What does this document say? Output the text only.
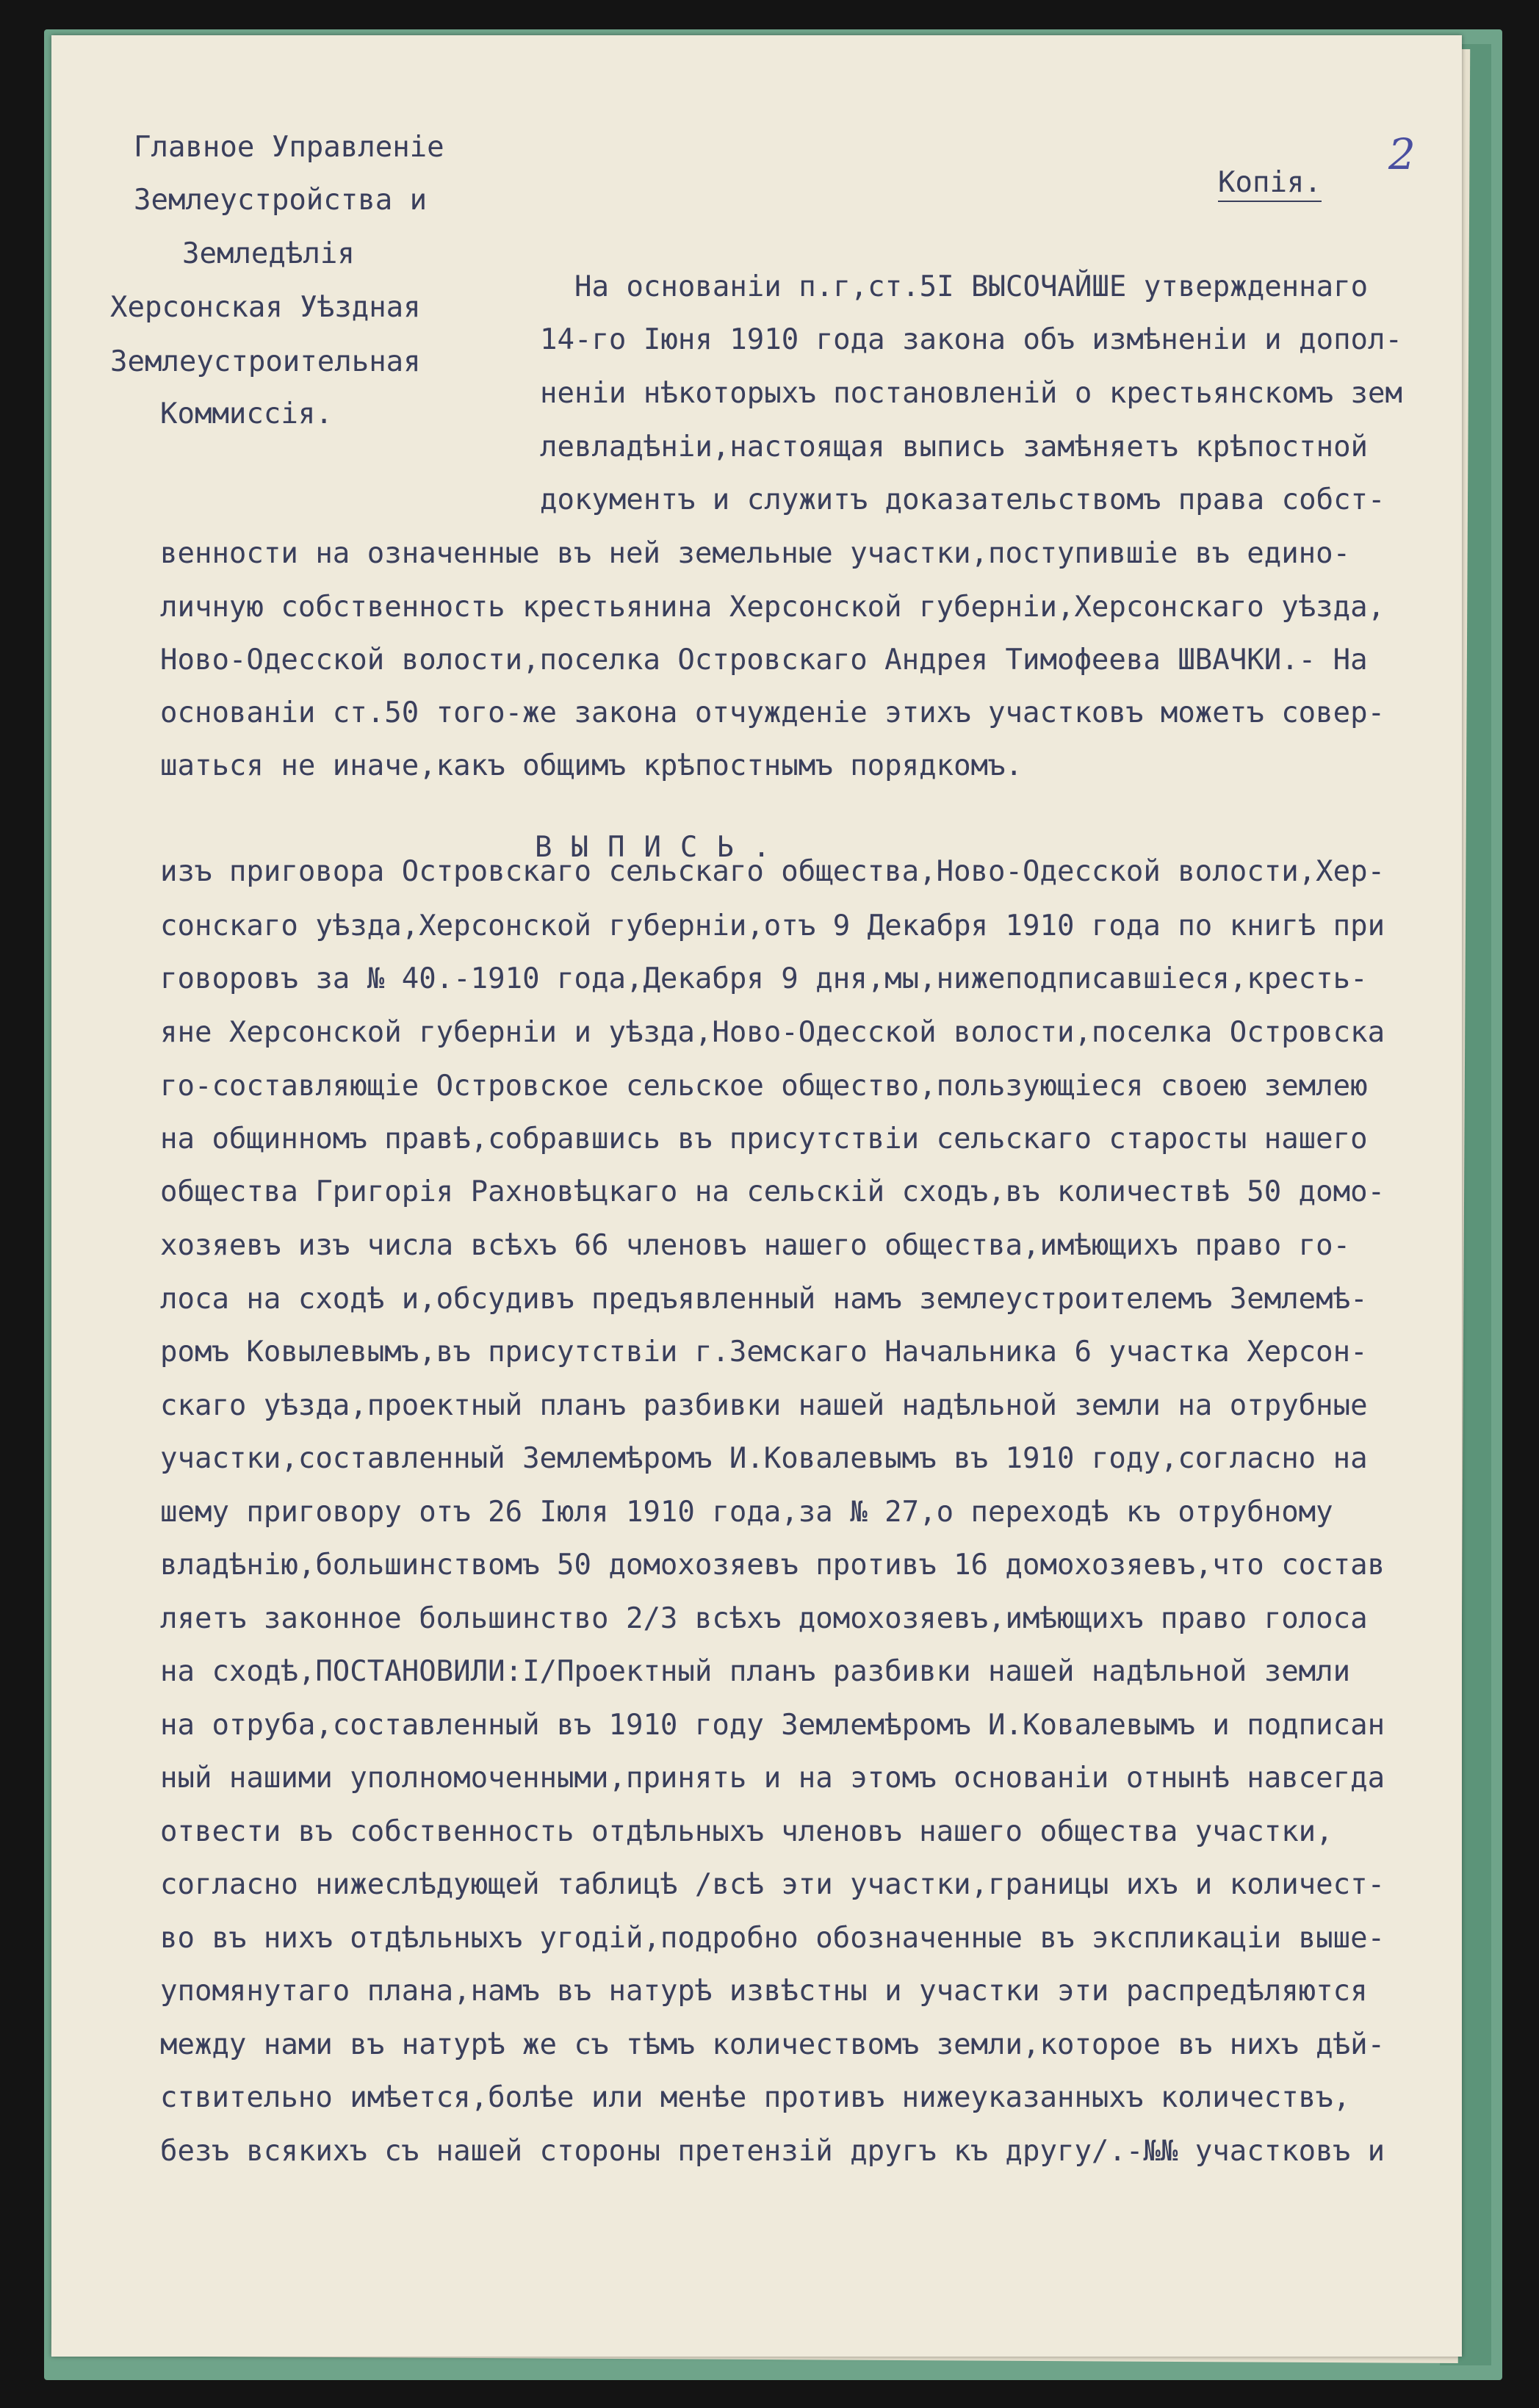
2
Копія.
Главное Управленіе
Землеустройства и
Земледѣлія
Херсонская Уѣздная
Землеустроительная
Коммиссія.
На основаніи п.г,ст.5І ВЫСОЧАЙШЕ утвержденнаго
14-го Іюня 1910 года закона объ измѣненіи и допол-
неніи нѣкоторыхъ постановленій о крестьянскомъ зем
левладѣніи,настоящая выпись замѣняетъ крѣпостной
документъ и служитъ доказательствомъ права собст-
венности на означенные въ ней земельные участки,поступившіе въ едино-
личную собственность крестьянина Херсонской губерніи,Херсонскаго уѣзда,
Ново-Одесской волости,поселка Островскаго Андрея Тимофеева ШВАЧКИ.- На
основаніи ст.50 того-же закона отчужденіе этихъ участковъ можетъ совер-
шаться не иначе,какъ общимъ крѣпостнымъ порядкомъ.
ВЫПИСЬ.
изъ приговора Островскаго сельскаго общества,Ново-Одесской волости,Хер-
сонскаго уѣзда,Херсонской губерніи,отъ 9 Декабря 1910 года по книгѣ при
говоровъ за № 40.-1910 года,Декабря 9 дня,мы,нижеподписавшіеся,кресть-
яне Херсонской губерніи и уѣзда,Ново-Одесской волости,поселка Островска
го-составляющіе Островское сельское общество,пользующіеся своею землею
на общинномъ правѣ,собравшись въ присутствіи сельскаго старосты нашего
общества Григорія Рахновѣцкаго на сельскій сходъ,въ количествѣ 50 домо-
хозяевъ изъ числа всѣхъ 66 членовъ нашего общества,имѣющихъ право го-
лоса на сходѣ и,обсудивъ предъявленный намъ землеустроителемъ Землемѣ-
ромъ Ковылевымъ,въ присутствіи г.Земскаго Начальника 6 участка Херсон-
скаго уѣзда,проектный планъ разбивки нашей надѣльной земли на отрубные
участки,составленный Землемѣромъ И.Ковалевымъ въ 1910 году,согласно на
шему приговору отъ 26 Іюля 1910 года,за № 27,о переходѣ къ отрубному
владѣнію,большинствомъ 50 домохозяевъ противъ 16 домохозяевъ,что состав
ляетъ законное большинство 2/3 всѣхъ домохозяевъ,имѣющихъ право голоса
на сходѣ,ПОСТАНОВИЛИ:І/Проектный планъ разбивки нашей надѣльной земли
на отруба,составленный въ 1910 году Землемѣромъ И.Ковалевымъ и подписан
ный нашими уполномоченными,принять и на этомъ основаніи отнынѣ навсегда
отвести въ собственность отдѣльныхъ членовъ нашего общества участки,
согласно нижеслѣдующей таблицѣ /всѣ эти участки,границы ихъ и количест-
во въ нихъ отдѣльныхъ угодій,подробно обозначенные въ экспликаціи выше-
упомянутаго плана,намъ въ натурѣ извѣстны и участки эти распредѣляются
между нами въ натурѣ же съ тѣмъ количествомъ земли,которое въ нихъ дѣй-
ствительно имѣется,болѣе или менѣе противъ нижеуказанныхъ количествъ,
безъ всякихъ съ нашей стороны претензій другъ къ другу/.-№№ участковъ и
